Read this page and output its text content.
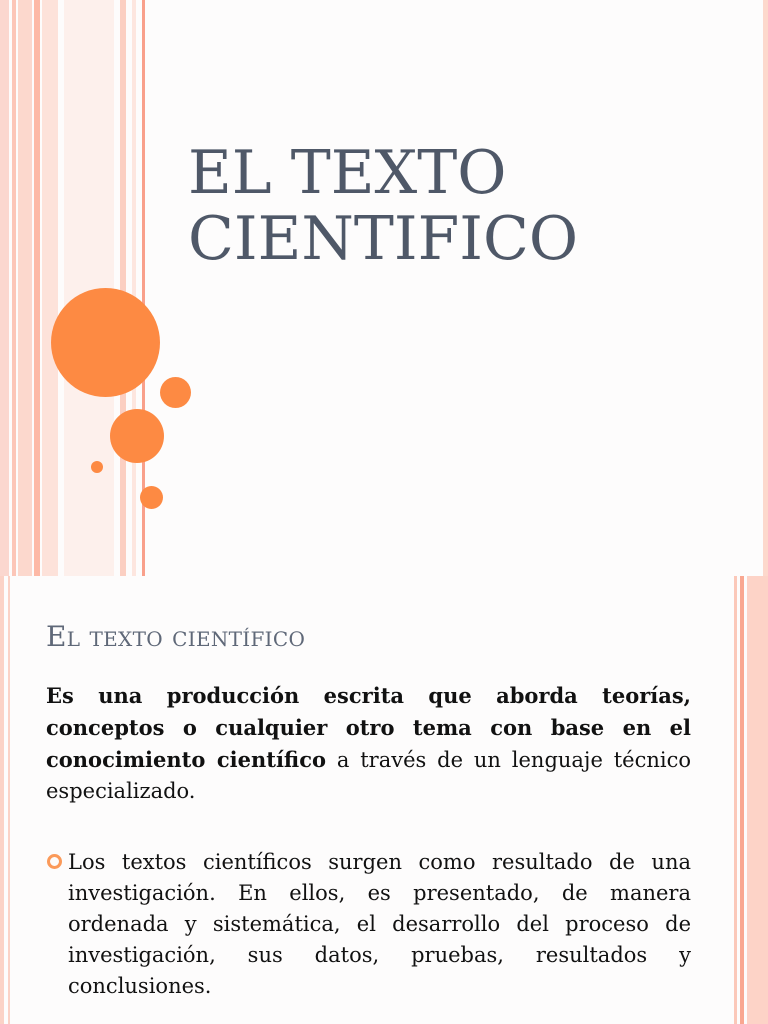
EL TEXTO
CIENTIFICO
El texto científico

Es una producción escrita que aborda teorías, conceptos o cualquier otro tema con base en el conocimiento científico a través de un lenguaje técnico especializado.

Los textos científicos surgen como resultado de una investigación. En ellos, es presentado, de manera ordenada y sistemática, el desarrollo del proceso de investigación, sus datos, pruebas, resultados y conclusiones.
